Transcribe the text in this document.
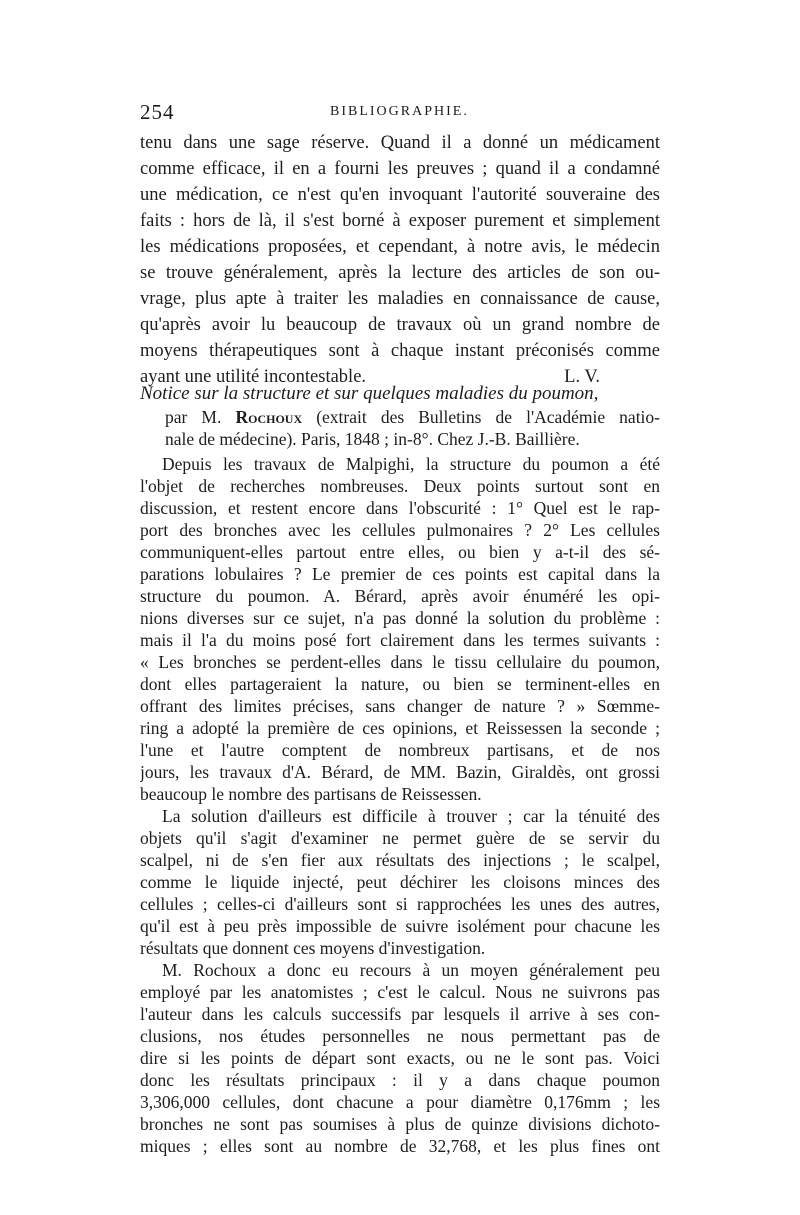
254	BIBLIOGRAPHIE.
tenu dans une sage réserve. Quand il a donné un médicament
comme efficace, il en a fourni les preuves ; quand il a condamné
une médication, ce n'est qu'en invoquant l'autorité souveraine des
faits : hors de là, il s'est borné à exposer purement et simplement
les médications proposées, et cependant, à notre avis, le médecin
se trouve généralement, après la lecture des articles de son ou-
vrage, plus apte à traiter les maladies en connaissance de cause,
qu'après avoir lu beaucoup de travaux où un grand nombre de
moyens thérapeutiques sont à chaque instant préconisés comme
ayant une utilité incontestable.	L. V.
Notice sur la structure et sur quelques maladies du poumon,
par M. Rochoux (extrait des Bulletins de l'Académie natio-
nale de médecine). Paris, 1848 ; in-8°. Chez J.-B. Baillière.
Depuis les travaux de Malpighi, la structure du poumon a été
l'objet de recherches nombreuses. Deux points surtout sont en
discussion, et restent encore dans l'obscurité : 1° Quel est le rap-
port des bronches avec les cellules pulmonaires ? 2° Les cellules
communiquent-elles partout entre elles, ou bien y a-t-il des sé-
parations lobulaires ? Le premier de ces points est capital dans la
structure du poumon. A. Bérard, après avoir énuméré les opi-
nions diverses sur ce sujet, n'a pas donné la solution du problème :
mais il l'a du moins posé fort clairement dans les termes suivants :
« Les bronches se perdent-elles dans le tissu cellulaire du poumon,
dont elles partageraient la nature, ou bien se terminent-elles en
offrant des limites précises, sans changer de nature ? » Sœmme-
ring a adopté la première de ces opinions, et Reissessen la seconde ;
l'une et l'autre comptent de nombreux partisans, et de nos
jours, les travaux d'A. Bérard, de MM. Bazin, Giraldès, ont grossi
beaucoup le nombre des partisans de Reissessen.
La solution d'ailleurs est difficile à trouver ; car la ténuité des
objets qu'il s'agit d'examiner ne permet guère de se servir du
scalpel, ni de s'en fier aux résultats des injections ; le scalpel,
comme le liquide injecté, peut déchirer les cloisons minces des
cellules ; celles-ci d'ailleurs sont si rapprochées les unes des autres,
qu'il est à peu près impossible de suivre isolément pour chacune les
résultats que donnent ces moyens d'investigation.
M. Rochoux a donc eu recours à un moyen généralement peu
employé par les anatomistes ; c'est le calcul. Nous ne suivrons pas
l'auteur dans les calculs successifs par lesquels il arrive à ses con-
clusions, nos études personnelles ne nous permettant pas de
dire si les points de départ sont exacts, ou ne le sont pas. Voici
donc les résultats principaux : il y a dans chaque poumon
3,306,000 cellules, dont chacune a pour diamètre 0,176mm ; les
bronches ne sont pas soumises à plus de quinze divisions dichoto-
miques ; elles sont au nombre de 32,768, et les plus fines ont
